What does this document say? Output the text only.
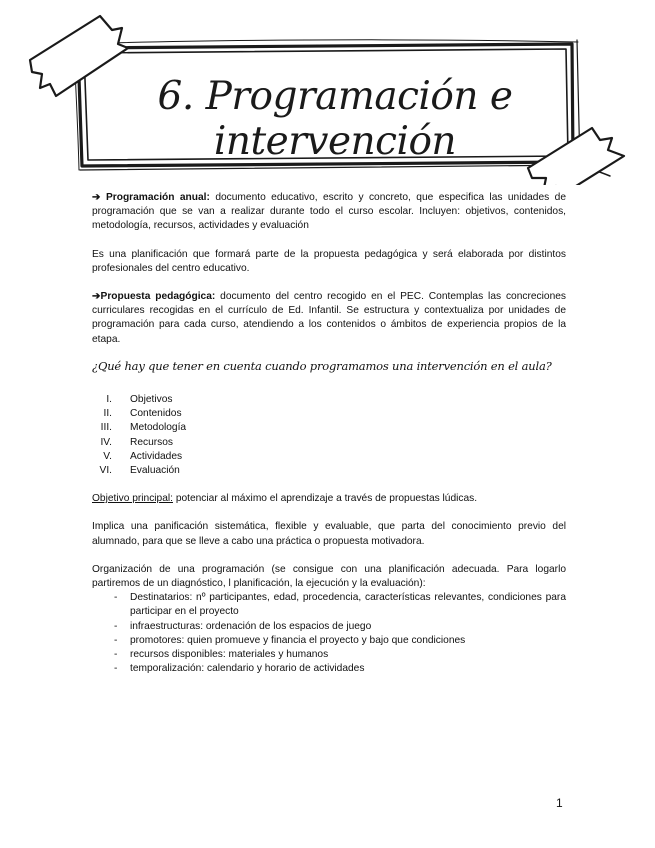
6. Programación e intervención

➔ Programación anual: documento educativo, escrito y concreto, que especifica las unidades de programación que se van a realizar durante todo el curso escolar. Incluyen: objetivos, contenidos, metodología, recursos, actividades y evaluación

Es una planificación que formará parte de la propuesta pedagógica y será elaborada por distintos profesionales del centro educativo.

➔Propuesta pedagógica: documento del centro recogido en el PEC. Contemplas las concreciones curriculares recogidas en el currículo de Ed. Infantil. Se estructura y contextualiza por unidades de programación para cada curso, atendiendo a los contenidos o ámbitos de experiencia propios de la etapa.

¿Qué hay que tener en cuenta cuando programamos una intervención en el aula?
I. Objetivos
II. Contenidos
III. Metodología
IV. Recursos
V. Actividades
VI. Evaluación

Objetivo principal: potenciar al máximo el aprendizaje a través de propuestas lúdicas.

Implica una panificación sistemática, flexible y evaluable, que parta del conocimiento previo del alumnado, para que se lleve a cabo una práctica o propuesta motivadora.

Organización de una programación (se consigue con una planificación adecuada. Para logarlo partiremos de un diagnóstico, l planificación, la ejecución y la evaluación):

-	Destinatarios: nº participantes, edad, procedencia, características relevantes, condiciones para participar en el proyecto
-	infraestructuras: ordenación de los espacios de juego
-	promotores: quien promueve y financia el proyecto y bajo que condiciones
-	recursos disponibles: materiales y humanos
-	temporalización: calendario y horario de actividades
1
